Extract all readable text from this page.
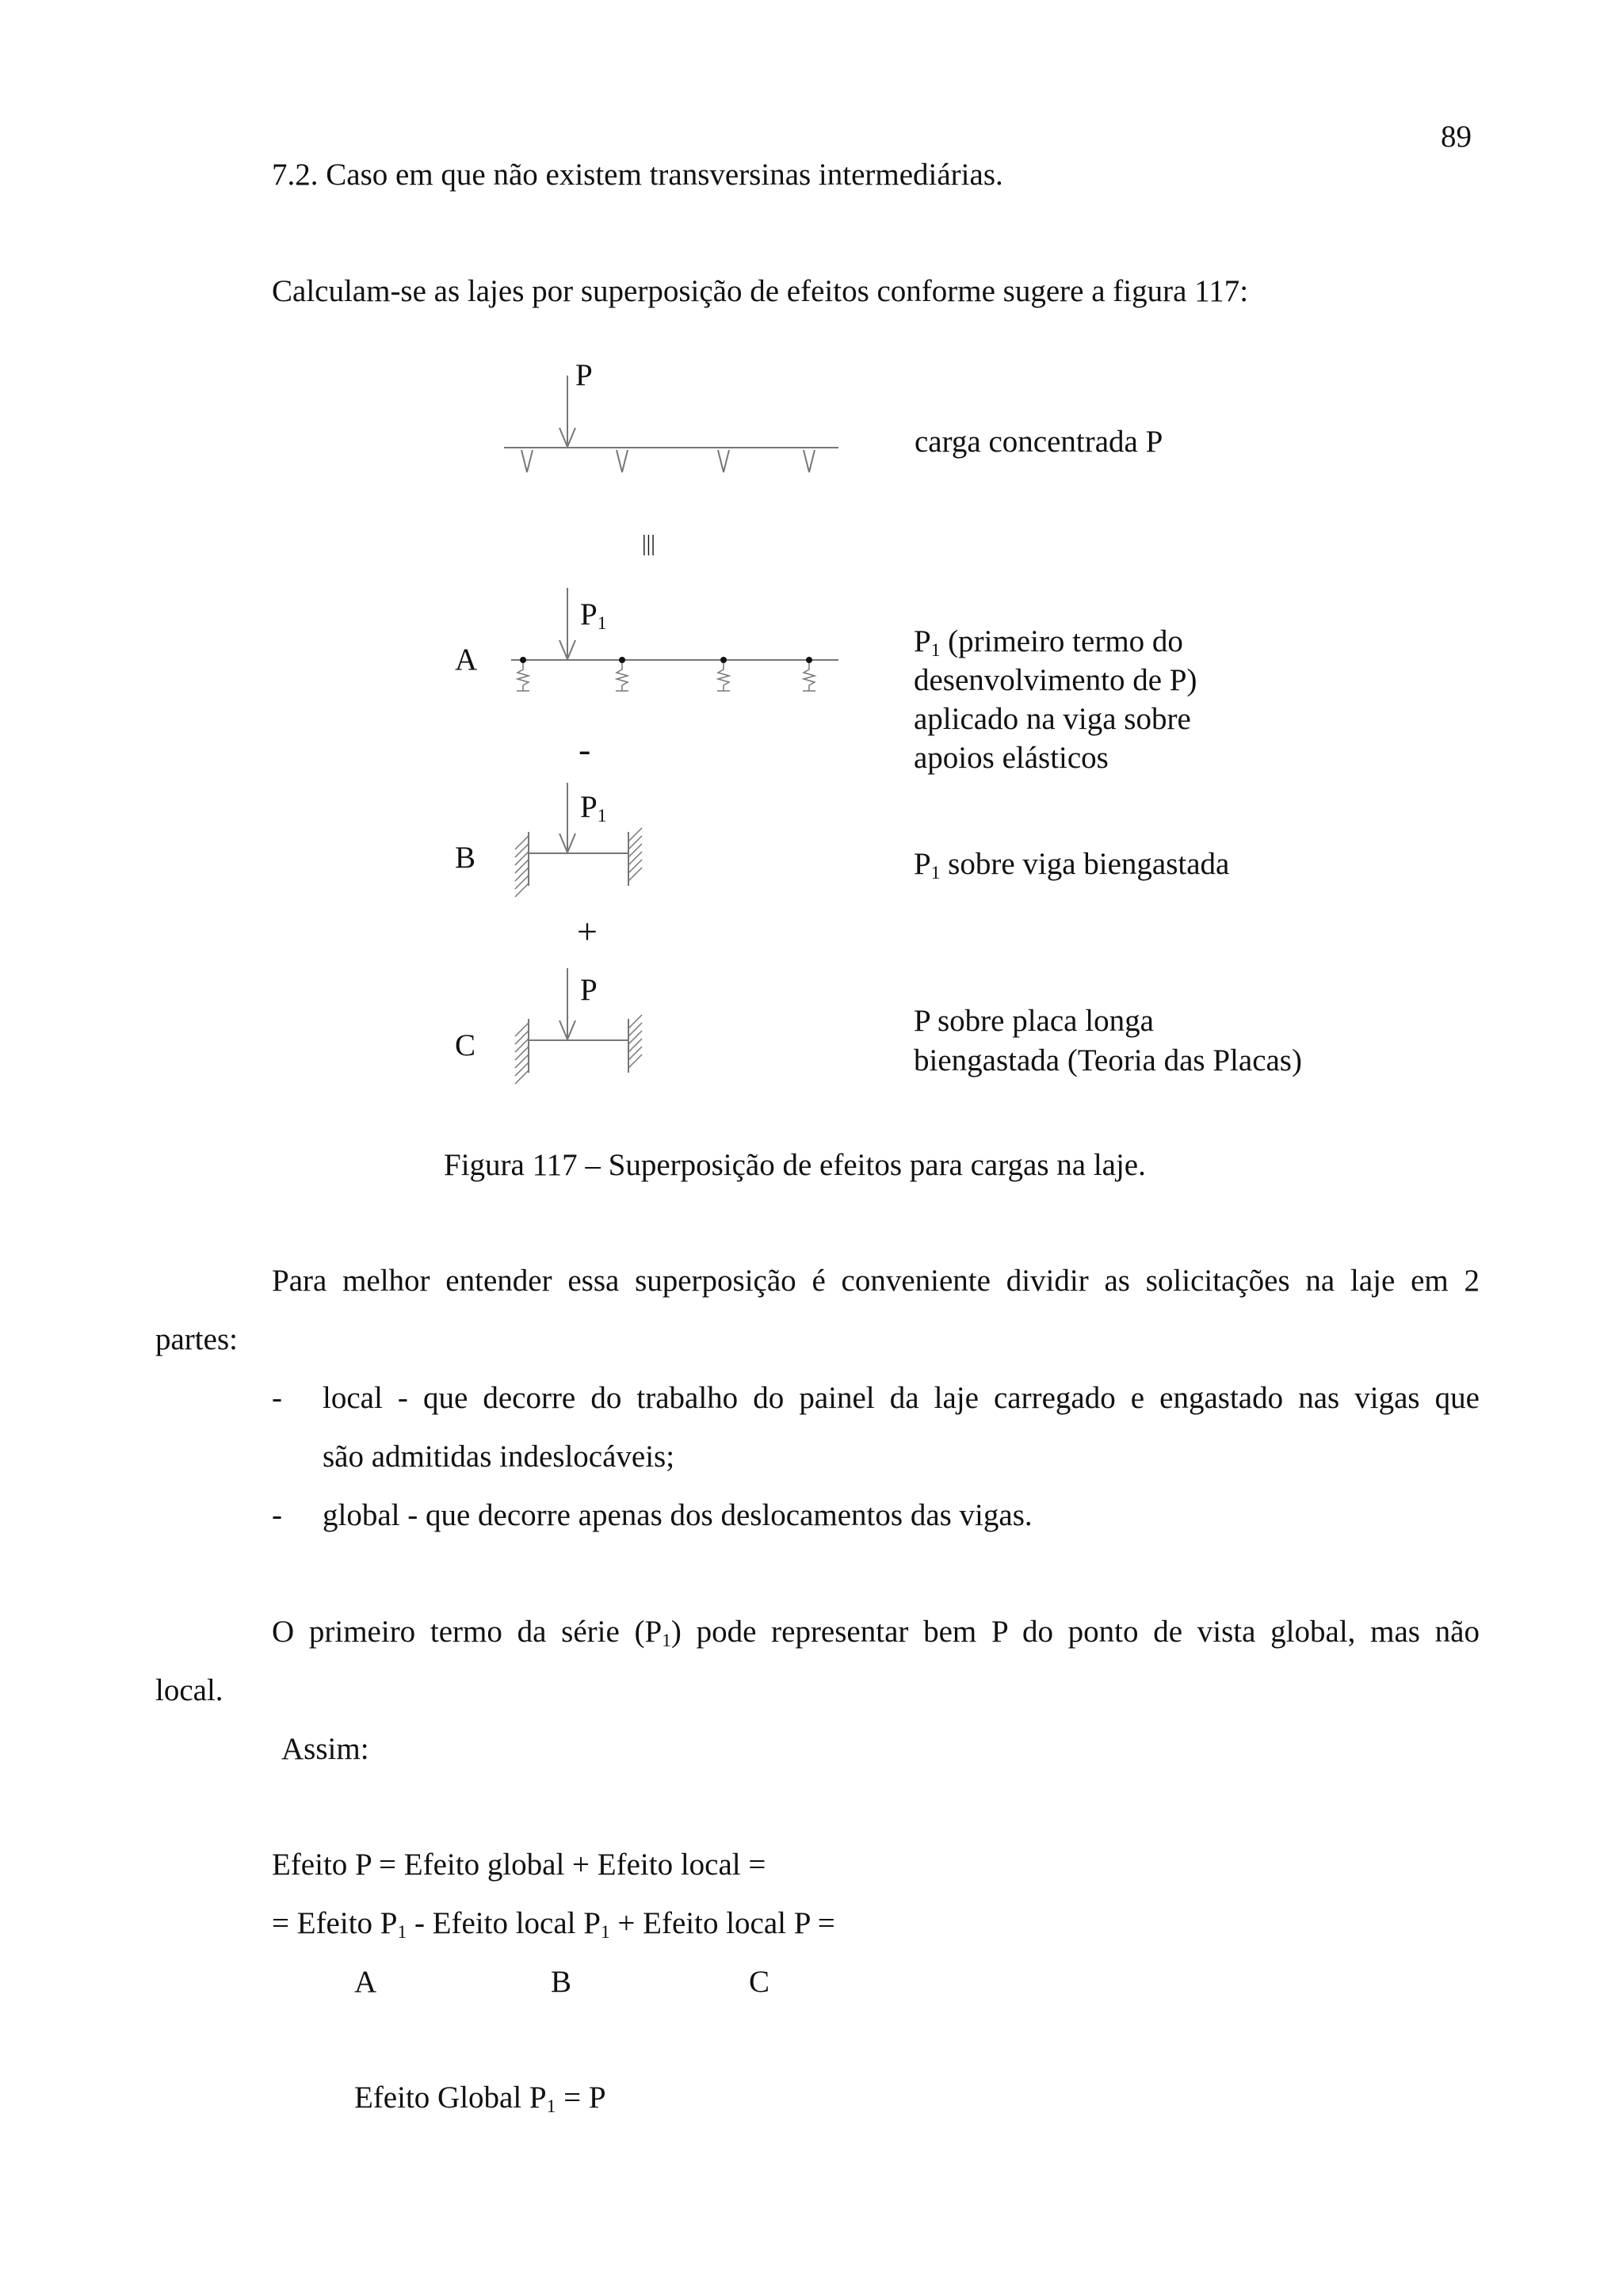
89
7.2. Caso em que não existem transversinas intermediárias.
Calculam-se as lajes por superposição de efeitos conforme sugere a figura 117:
P
carga concentrada P
|||
A
$P_1$
$P_1$ (primeiro termo do
desenvolvimento de P)
aplicado na viga sobre
apoios elásticos
-
B
$P_1$
$P_1$ sobre viga biengastada
+
C
P
P sobre placa longa
biengastada (Teoria das Placas)
Figura 117 – Superposição de efeitos para cargas na laje.
Para melhor entender essa superposição é conveniente dividir as solicitações na laje em 2
partes:
- local - que decorre do trabalho do painel da laje carregado e engastado nas vigas que
são admitidas indeslocáveis;
- global - que decorre apenas dos deslocamentos das vigas.
O primeiro termo da série $(P_1)$ pode representar bem P do ponto de vista global, mas não
local.
Assim:
Efeito P = Efeito global + Efeito local =
= Efeito $P_1$ - Efeito local $P_1$ + Efeito local P =
A	B	C
Efeito Global $P_1 = P$
